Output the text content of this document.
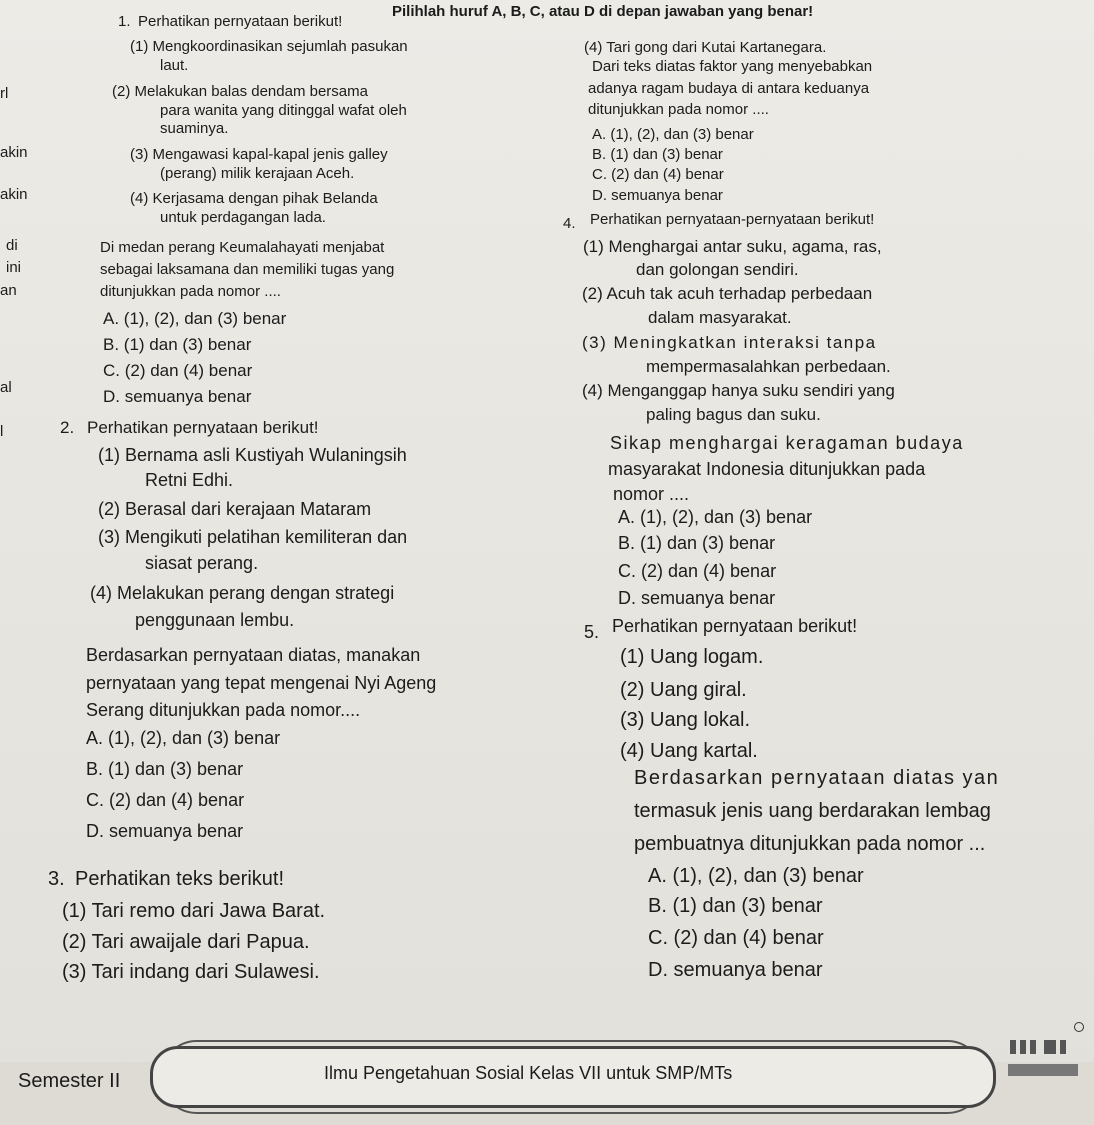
Pilihlah huruf A, B, C, atau D di depan jawaban yang benar!
rl
akin
akin
di
ini
an
al
l
1. Perhatikan pernyataan berikut!
(1) Mengkoordinasikan sejumlah pasukan
laut.
(2) Melakukan balas dendam bersama
para wanita yang ditinggal wafat oleh
suaminya.
(3) Mengawasi kapal-kapal jenis galley
(perang) milik kerajaan Aceh.
(4) Kerjasama dengan pihak Belanda
untuk perdagangan lada.
Di medan perang Keumalahayati menjabat
sebagai laksamana dan memiliki tugas yang
ditunjukkan pada nomor ....
A. (1), (2), dan (3) benar
B. (1) dan (3) benar
C. (2) dan (4) benar
D. semuanya benar
2. Perhatikan pernyataan berikut!
(1) Bernama asli Kustiyah Wulaningsih
Retni Edhi.
(2) Berasal dari kerajaan Mataram
(3) Mengikuti pelatihan kemiliteran dan
siasat perang.
(4) Melakukan perang dengan strategi
penggunaan lembu.
Berdasarkan pernyataan diatas, manakan
pernyataan yang tepat mengenai Nyi Ageng
Serang ditunjukkan pada nomor....
A. (1), (2), dan (3) benar
B. (1) dan (3) benar
C. (2) dan (4) benar
D. semuanya benar
3. Perhatikan teks berikut!
(1) Tari remo dari Jawa Barat.
(2) Tari awaijale dari Papua.
(3) Tari indang dari Sulawesi.
(4) Tari gong dari Kutai Kartanegara.
Dari teks diatas faktor yang menyebabkan
adanya ragam budaya di antara keduanya
ditunjukkan pada nomor ....
A. (1), (2), dan (3) benar
B. (1) dan (3) benar
C. (2) dan (4) benar
D. semuanya benar
4. Perhatikan pernyataan-pernyataan berikut!
(1) Menghargai antar suku, agama, ras,
dan golongan sendiri.
(2) Acuh tak acuh terhadap perbedaan
dalam masyarakat.
(3) Meningkatkan interaksi tanpa
mempermasalahkan perbedaan.
(4) Menganggap hanya suku sendiri yang
paling bagus dan suku.
Sikap menghargai keragaman budaya
masyarakat Indonesia ditunjukkan pada
nomor ....
A. (1), (2), dan (3) benar
B. (1) dan (3) benar
C. (2) dan (4) benar
D. semuanya benar
5. Perhatikan pernyataan berikut!
(1) Uang logam.
(2) Uang giral.
(3) Uang lokal.
(4) Uang kartal.
Berdasarkan pernyataan diatas yan
termasuk jenis uang berdarakan lembag
pembuatnya ditunjukkan pada nomor ...
A. (1), (2), dan (3) benar
B. (1) dan (3) benar
C. (2) dan (4) benar
D. semuanya benar
Semester II	Ilmu Pengetahuan Sosial Kelas VII untuk SMP/MTs
